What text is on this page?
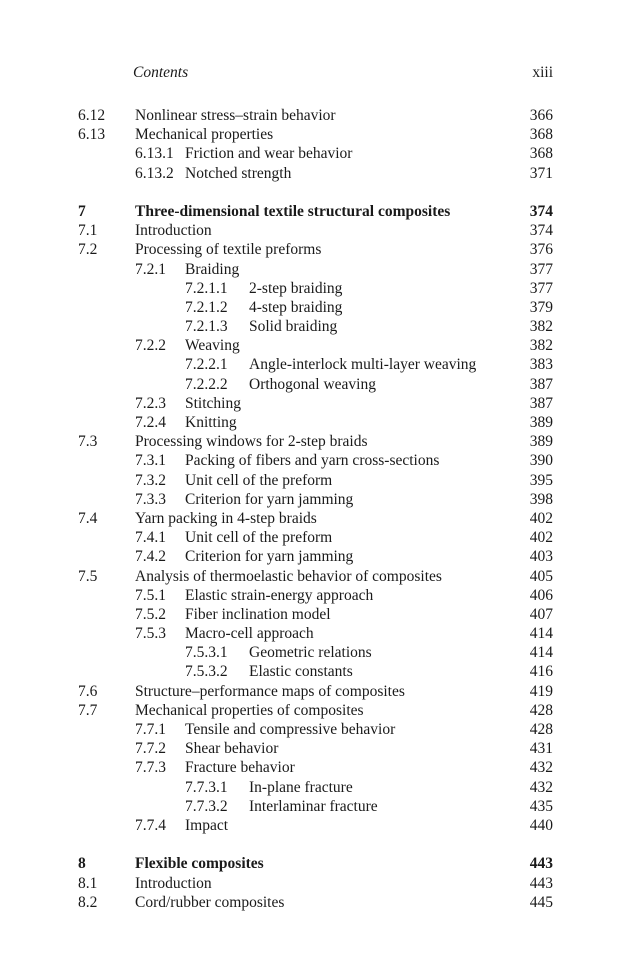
Contents	xiii
6.12 Nonlinear stress–strain behavior	366
6.13 Mechanical properties	368
6.13.1 Friction and wear behavior	368
6.13.2 Notched strength	371
7	Three-dimensional textile structural composites	374
7.1 Introduction	374
7.2 Processing of textile preforms	376
7.2.1 Braiding	377
7.2.1.1 2-step braiding	377
7.2.1.2 4-step braiding	379
7.2.1.3 Solid braiding	382
7.2.2 Weaving	382
7.2.2.1 Angle-interlock multi-layer weaving	383
7.2.2.2 Orthogonal weaving	387
7.2.3 Stitching	387
7.2.4 Knitting	389
7.3 Processing windows for 2-step braids	389
7.3.1 Packing of fibers and yarn cross-sections	390
7.3.2 Unit cell of the preform	395
7.3.3 Criterion for yarn jamming	398
7.4 Yarn packing in 4-step braids	402
7.4.1 Unit cell of the preform	402
7.4.2 Criterion for yarn jamming	403
7.5 Analysis of thermoelastic behavior of composites	405
7.5.1 Elastic strain-energy approach	406
7.5.2 Fiber inclination model	407
7.5.3 Macro-cell approach	414
7.5.3.1 Geometric relations	414
7.5.3.2 Elastic constants	416
7.6 Structure–performance maps of composites	419
7.7 Mechanical properties of composites	428
7.7.1 Tensile and compressive behavior	428
7.7.2 Shear behavior	431
7.7.3 Fracture behavior	432
7.7.3.1 In-plane fracture	432
7.7.3.2 Interlaminar fracture	435
7.7.4 Impact	440
8	Flexible composites	443
8.1 Introduction	443
8.2 Cord/rubber composites	445
